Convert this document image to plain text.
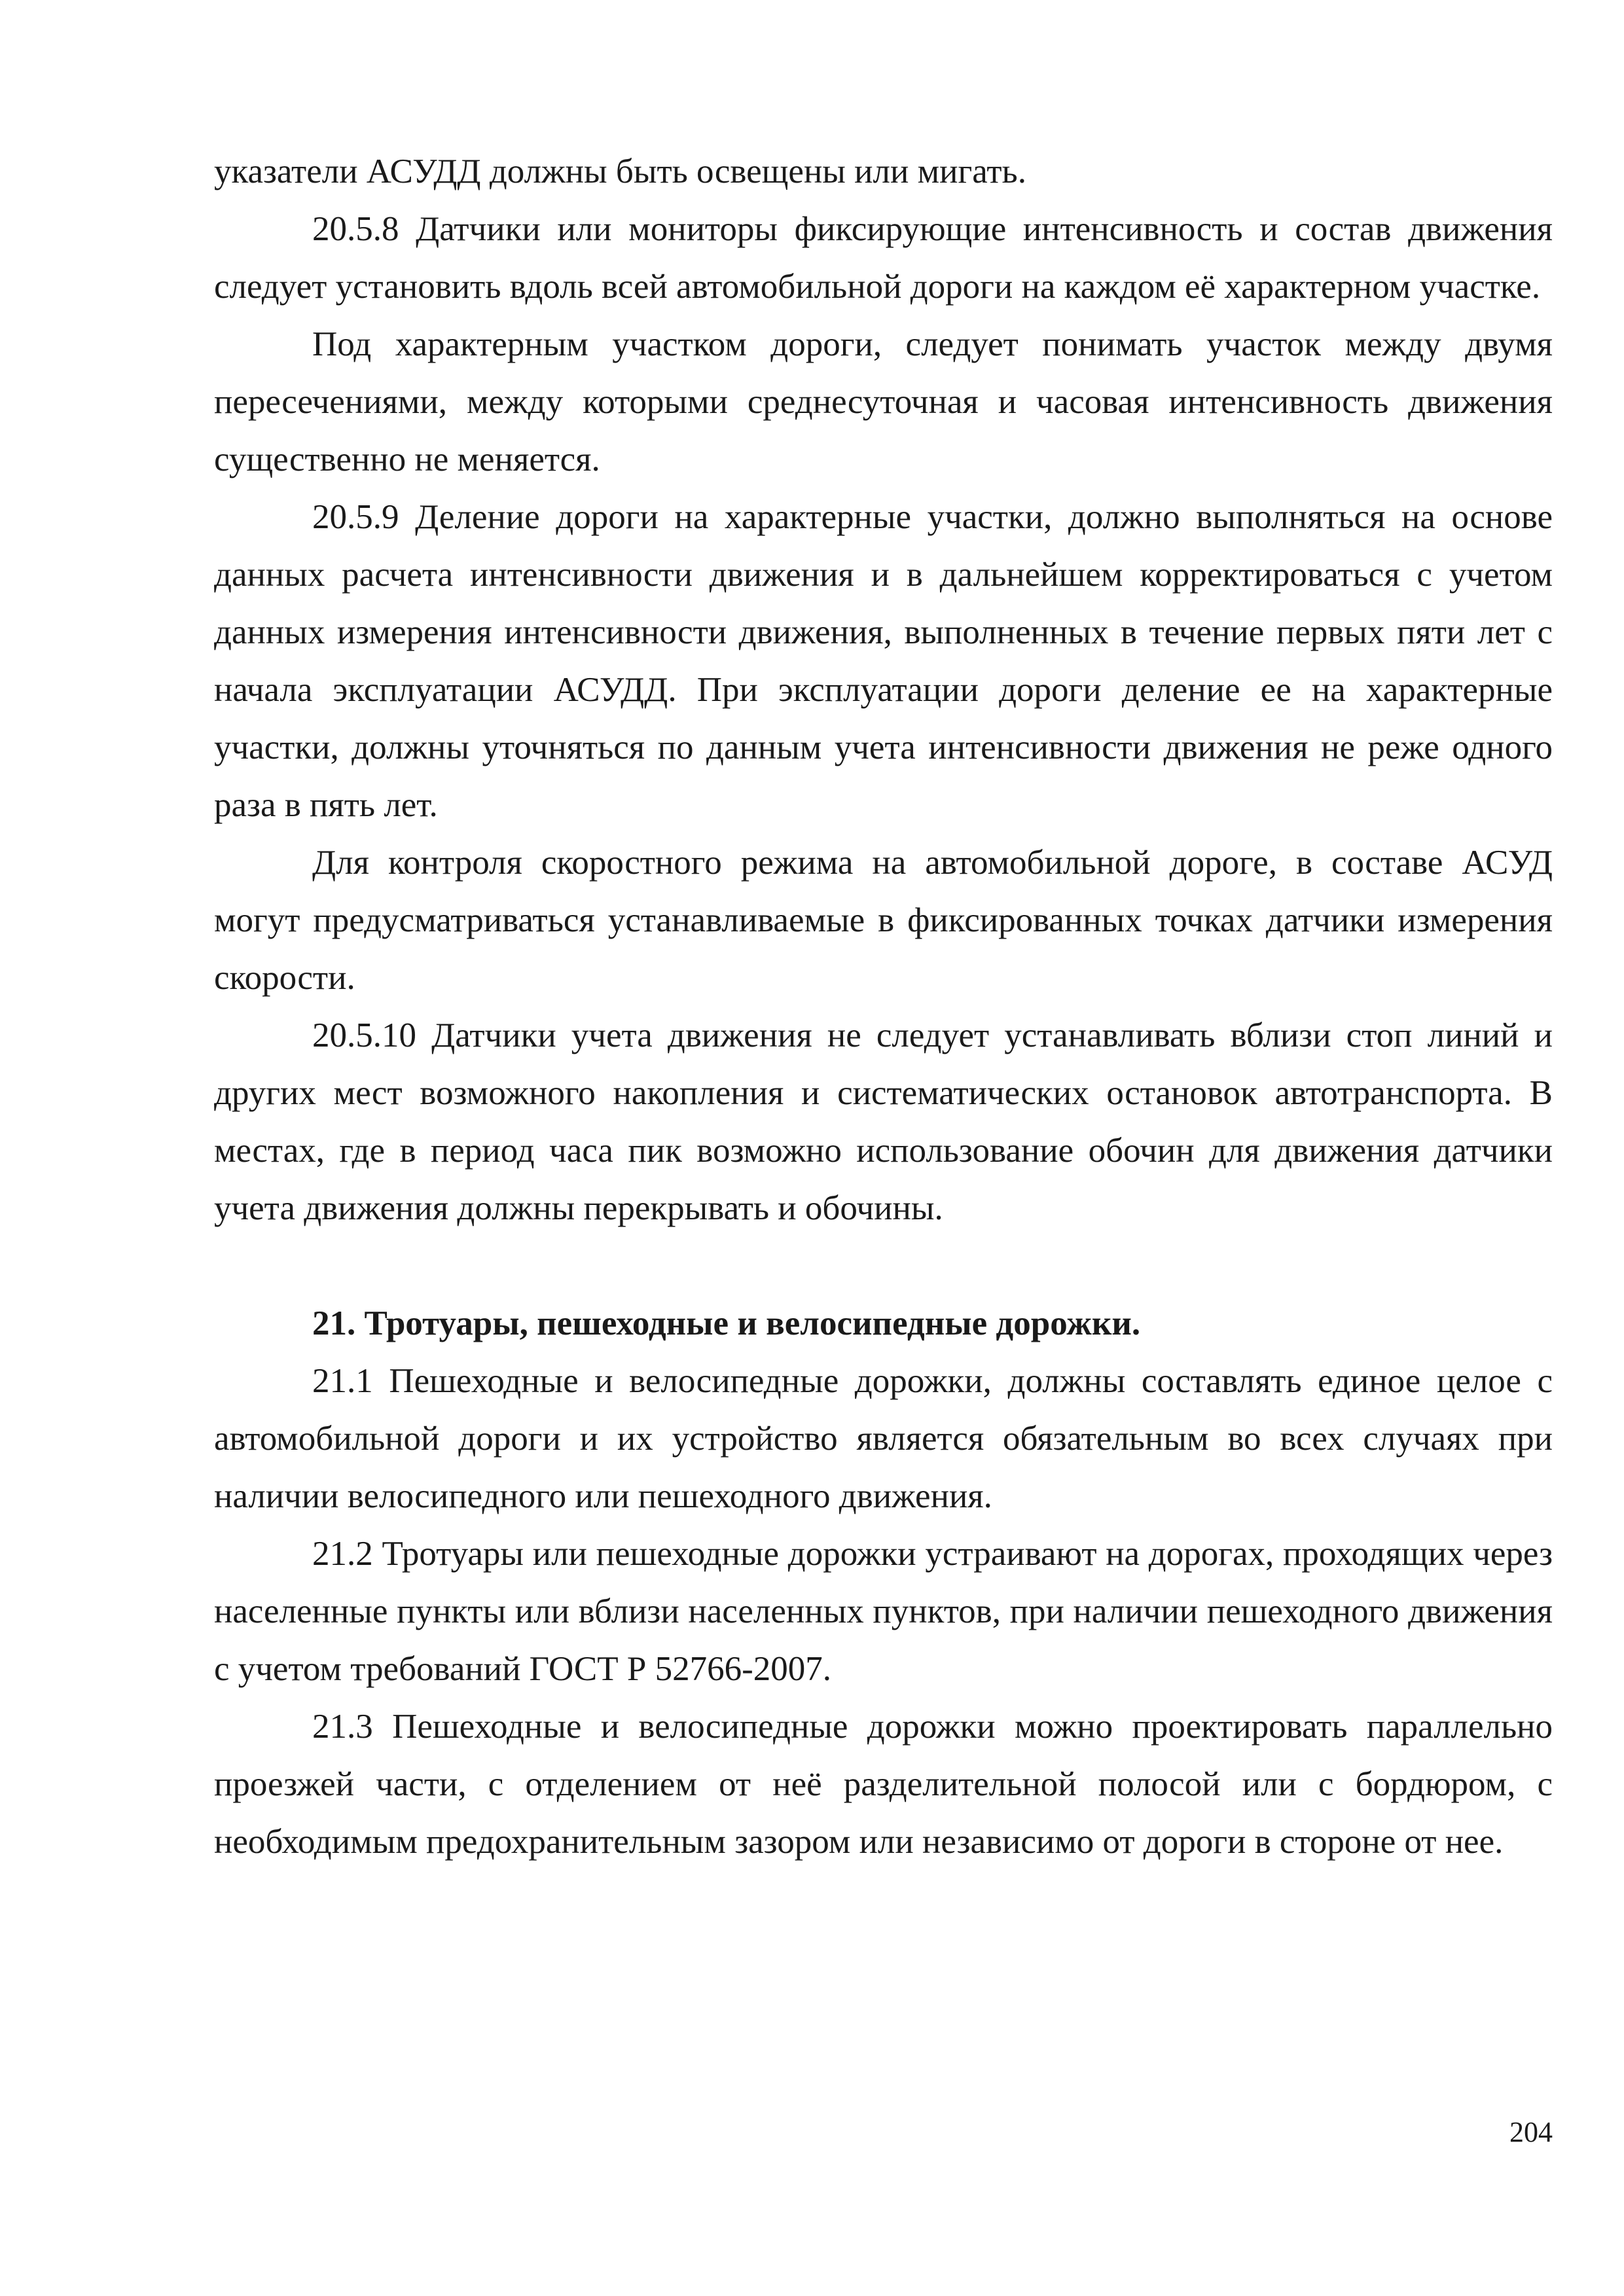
указатели АСУДД должны быть освещены или мигать.

20.5.8 Датчики или мониторы фиксирующие интенсивность и состав движения следует установить вдоль всей автомобильной дороги на каждом её характерном участке.

Под характерным участком дороги, следует понимать участок между двумя пересечениями, между которыми среднесуточная и часовая интенсивность движения существенно не меняется.

20.5.9 Деление дороги на характерные участки, должно выполняться на основе данных расчета интенсивности движения и в дальнейшем корректироваться с учетом данных измерения интенсивности движения, выполненных в течение первых пяти лет с начала эксплуатации АСУДД. При эксплуатации дороги деление ее на характерные участки, должны уточняться по данным учета интенсивности движения не реже одного раза в пять лет.

Для контроля скоростного режима на автомобильной дороге, в составе АСУД могут предусматриваться устанавливаемые в фиксированных точках датчики измерения скорости.

20.5.10 Датчики учета движения не следует устанавливать вблизи стоп линий и других мест возможного накопления и систематических остановок автотранспорта. В местах, где в период часа пик возможно использование обочин для движения датчики учета движения должны перекрывать и обочины.

21. Тротуары, пешеходные и велосипедные дорожки.

21.1 Пешеходные и велосипедные дорожки, должны составлять единое целое с автомобильной дороги и их устройство является обязательным во всех случаях при наличии велосипедного или пешеходного движения.

21.2 Тротуары или пешеходные дорожки устраивают на дорогах, проходящих через населенные пункты или вблизи населенных пунктов, при наличии пешеходного движения с учетом требований ГОСТ Р 52766-2007.

21.3 Пешеходные и велосипедные дорожки можно проектировать параллельно проезжей части, с отделением от неё разделительной полосой или с бордюром, с необходимым предохранительным зазором или независимо от дороги в стороне от нее.

204
